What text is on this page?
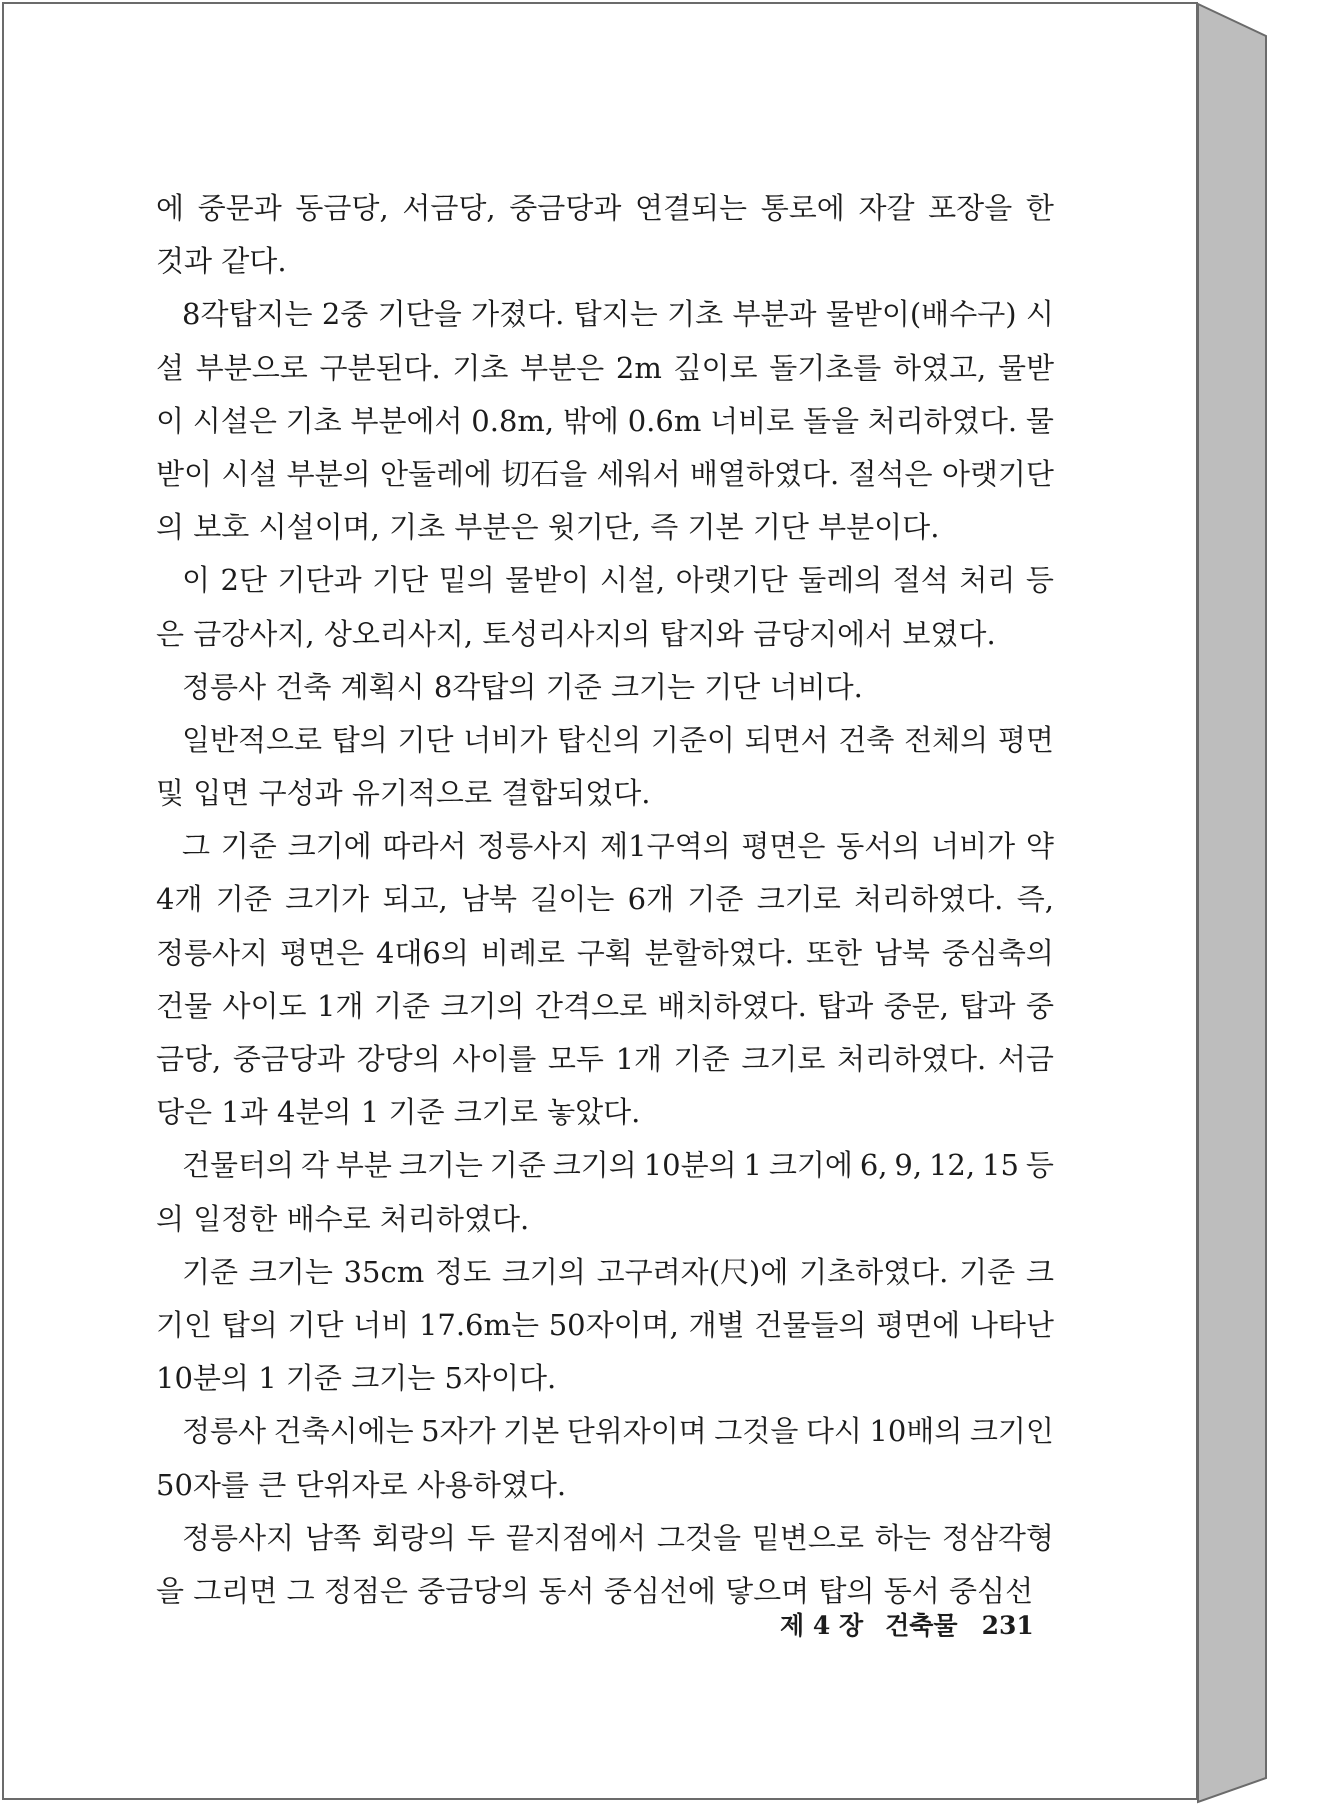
에 중문과 동금당, 서금당, 중금당과 연결되는 통로에 자갈 포장을 한
것과 같다.
8각탑지는 2중 기단을 가졌다. 탑지는 기초 부분과 물받이(배수구) 시
설 부분으로 구분된다. 기초 부분은 2m 깊이로 돌기초를 하였고, 물받
이 시설은 기초 부분에서 0.8m, 밖에 0.6m 너비로 돌을 처리하였다. 물
받이 시설 부분의 안둘레에 切石을 세워서 배열하였다. 절석은 아랫기단
의 보호 시설이며, 기초 부분은 윗기단, 즉 기본 기단 부분이다.
이 2단 기단과 기단 밑의 물받이 시설, 아랫기단 둘레의 절석 처리 등
은 금강사지, 상오리사지, 토성리사지의 탑지와 금당지에서 보였다.
정릉사 건축 계획시 8각탑의 기준 크기는 기단 너비다.
일반적으로 탑의 기단 너비가 탑신의 기준이 되면서 건축 전체의 평면
및 입면 구성과 유기적으로 결합되었다.
그 기준 크기에 따라서 정릉사지 제1구역의 평면은 동서의 너비가 약
4개 기준 크기가 되고, 남북 길이는 6개 기준 크기로 처리하였다. 즉,
정릉사지 평면은 4대6의 비례로 구획 분할하였다. 또한 남북 중심축의
건물 사이도 1개 기준 크기의 간격으로 배치하였다. 탑과 중문, 탑과 중
금당, 중금당과 강당의 사이를 모두 1개 기준 크기로 처리하였다. 서금
당은 1과 4분의 1 기준 크기로 놓았다.
건물터의 각 부분 크기는 기준 크기의 10분의 1 크기에 6, 9, 12, 15 등
의 일정한 배수로 처리하였다.
기준 크기는 35cm 정도 크기의 고구려자(尺)에 기초하였다. 기준 크
기인 탑의 기단 너비 17.6m는 50자이며, 개별 건물들의 평면에 나타난
10분의 1 기준 크기는 5자이다.
정릉사 건축시에는 5자가 기본 단위자이며 그것을 다시 10배의 크기인
50자를 큰 단위자로 사용하였다.
정릉사지 남쪽 회랑의 두 끝지점에서 그것을 밑변으로 하는 정삼각형
을 그리면 그 정점은 중금당의 동서 중심선에 닿으며 탑의 동서 중심선
제 4 장 건축물 231
